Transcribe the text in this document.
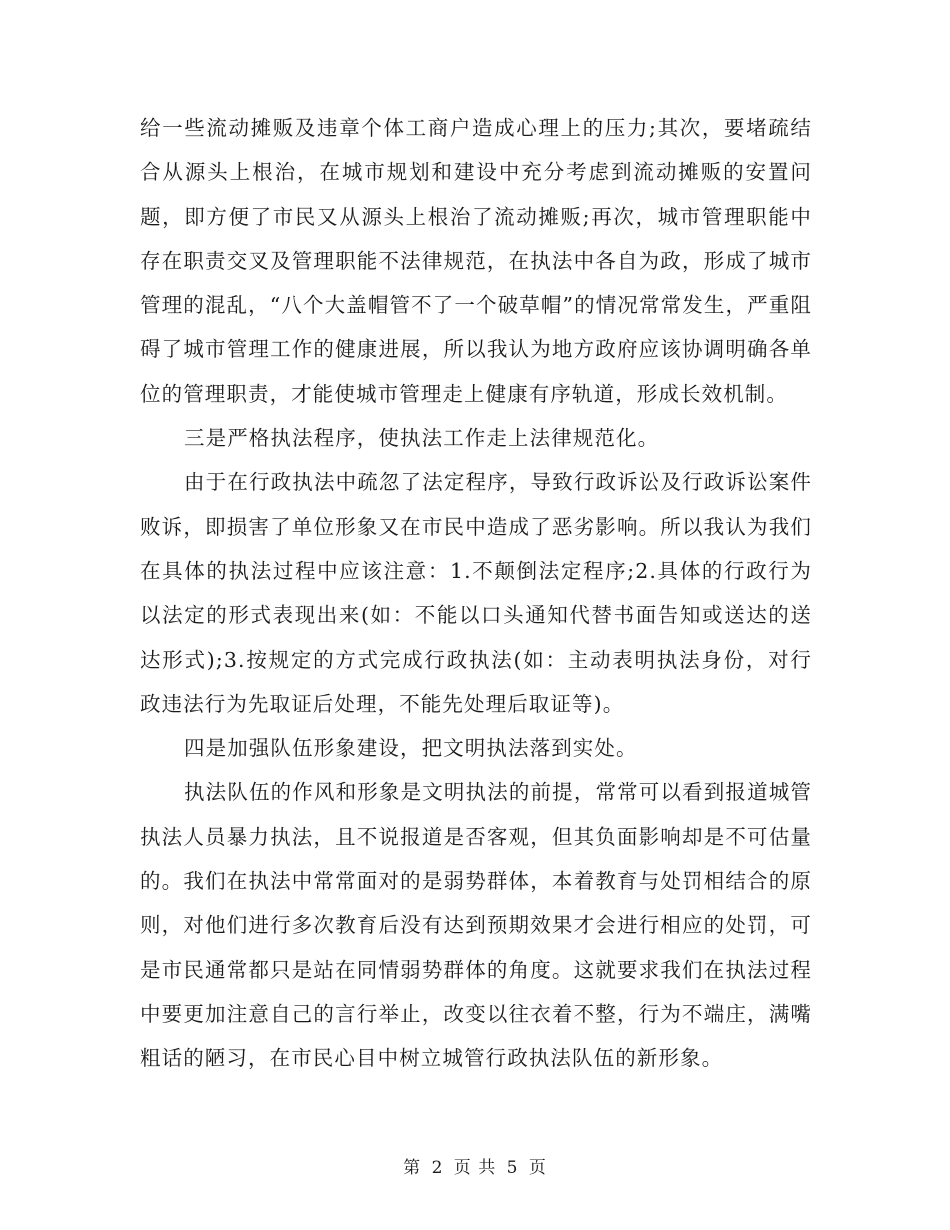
给一些流动摊贩及违章个体工商户造成心理上的压力;其次，要堵疏结合从源头上根治，在城市规划和建设中充分考虑到流动摊贩的安置问题，即方便了市民又从源头上根治了流动摊贩;再次，城市管理职能中存在职责交叉及管理职能不法律规范，在执法中各自为政，形成了城市管理的混乱，“八个大盖帽管不了一个破草帽”的情况常常发生，严重阻碍了城市管理工作的健康进展，所以我认为地方政府应该协调明确各单位的管理职责，才能使城市管理走上健康有序轨道，形成长效机制。

三是严格执法程序，使执法工作走上法律规范化。

由于在行政执法中疏忽了法定程序，导致行政诉讼及行政诉讼案件败诉，即损害了单位形象又在市民中造成了恶劣影响。所以我认为我们在具体的执法过程中应该注意：1.不颠倒法定程序;2.具体的行政行为以法定的形式表现出来(如：不能以口头通知代替书面告知或送达的送达形式);3.按规定的方式完成行政执法(如：主动表明执法身份，对行政违法行为先取证后处理，不能先处理后取证等)。

四是加强队伍形象建设，把文明执法落到实处。

执法队伍的作风和形象是文明执法的前提，常常可以看到报道城管执法人员暴力执法，且不说报道是否客观，但其负面影响却是不可估量的。我们在执法中常常面对的是弱势群体，本着教育与处罚相结合的原则，对他们进行多次教育后没有达到预期效果才会进行相应的处罚，可是市民通常都只是站在同情弱势群体的角度。这就要求我们在执法过程中要更加注意自己的言行举止，改变以往衣着不整，行为不端庄，满嘴粗话的陋习，在市民心目中树立城管行政执法队伍的新形象。

第 2 页 共 5 页
